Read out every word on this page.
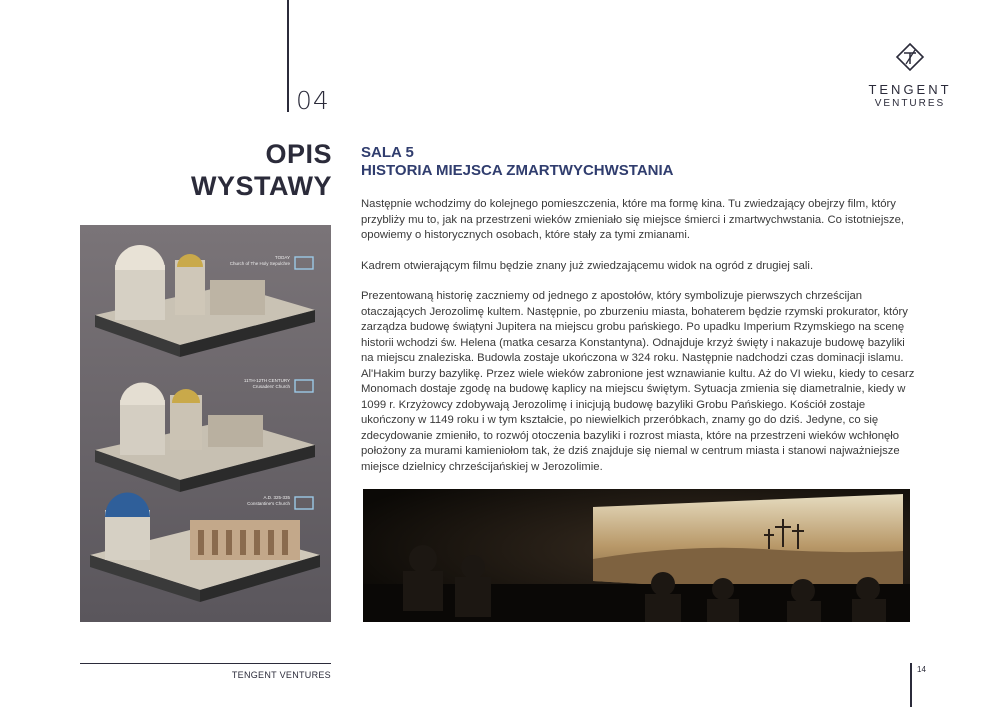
04	TENGENT
VENTURES
OPIS
WYSTAWY
SALA 5
HISTORIA MIEJSCA ZMARTWYCHWSTANIA

Następnie wchodzimy do kolejnego pomieszczenia, które ma formę kina. Tu zwiedzający obejrzy film, który przybliży mu to, jak na przestrzeni wieków zmieniało się miejsce śmierci i zmartwychwstania. Co istotniejsze, opowiemy o historycznych osobach, które stały za tymi zmianami.

Kadrem otwierającym filmu będzie znany już zwiedzającemu widok na ogród z drugiej sali.

Prezentowaną historię zaczniemy od jednego z apostołów, który symbolizuje pierwszych chrześcijan otaczających Jerozolimę kultem. Następnie, po zburzeniu miasta, bohaterem będzie rzymski prokurator, który zarządza budowę świątyni Jupitera na miejscu grobu pańskiego. Po upadku Imperium Rzymskiego na scenę historii wchodzi św. Helena (matka cesarza Konstantyna). Odnajduje krzyż święty i nakazuje budowę bazyliki na miejscu znaleziska. Budowla zostaje ukończona w 324 roku. Następnie nadchodzi czas dominacji islamu. Al'Hakim burzy bazylikę. Przez wiele wieków zabronione jest wznawianie kultu. Aż do VI wieku, kiedy to cesarz Monomach dostaje zgodę na budowę kaplicy na miejscu świętym. Sytuacja zmienia się diametralnie, kiedy w 1099 r. Krzyżowcy zdobywają Jerozolimę i inicjują budowę bazyliki Grobu Pańskiego. Kościół zostaje ukończony w 1149 roku i w tym kształcie, po niewielkich przeróbkach, znamy go do dziś. Jedyne, co się zdecydowanie zmieniło, to rozwój otoczenia bazyliki i rozrost miasta, które na przestrzeni wieków wchłonęło położony za murami kamieniołom tak, że dziś znajduje się niemal w centrum miasta i stanowi najważniejsze miejsce dzielnicy chrześcijańskiej w Jerozolimie.

TODAY
Church of The Holy Sepulchre
11TH-12TH CENTURY
Crusaders' Church
A.D. 325-335
Constantine's Church
TENGENT VENTURES
14
